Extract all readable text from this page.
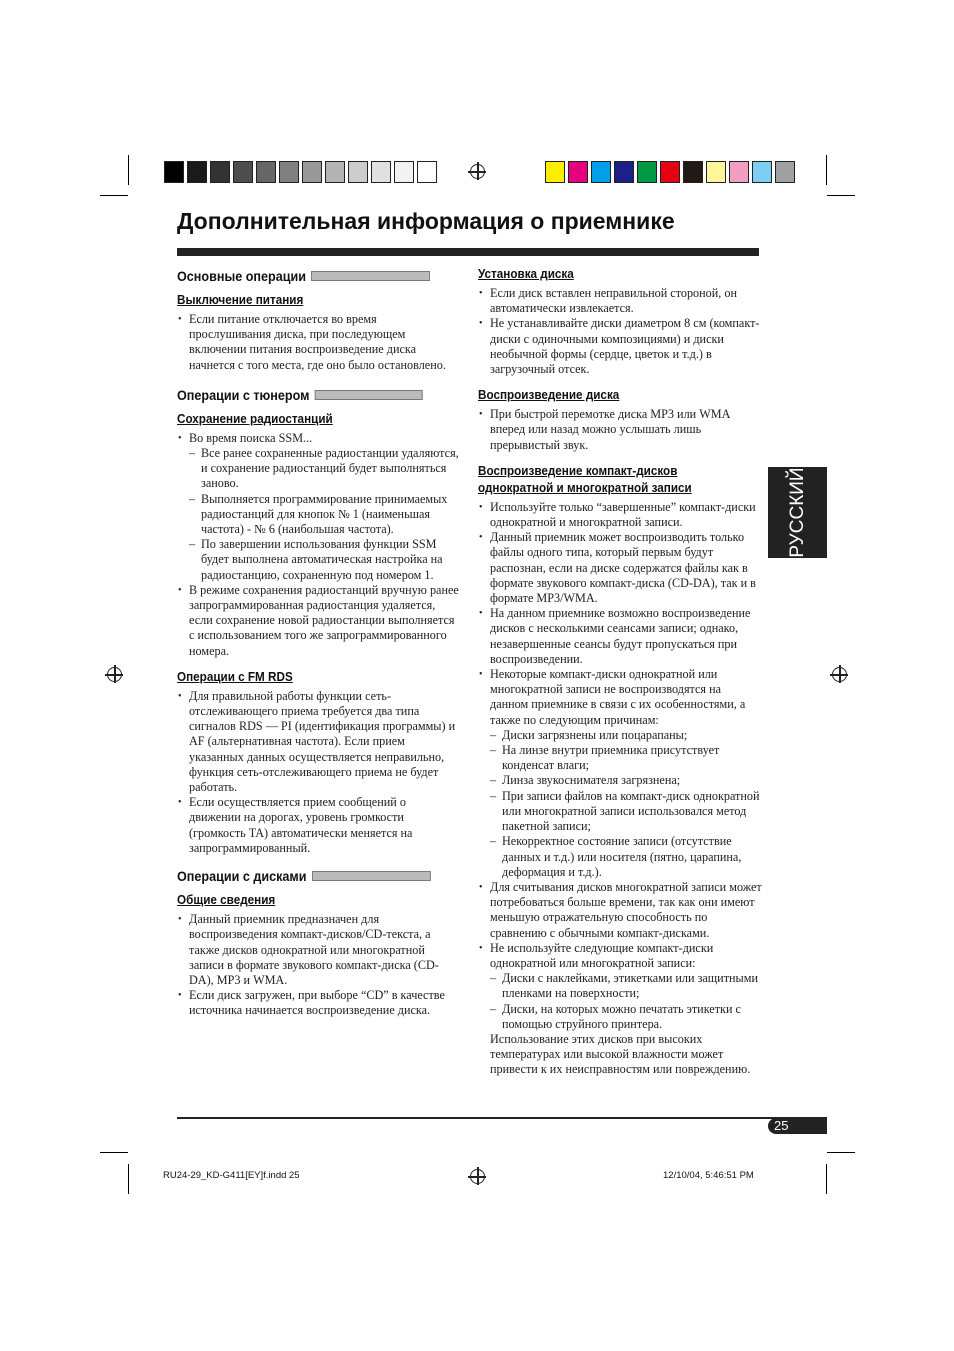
Дополнительная информация о приемнике
Основные операции
Выключение питания

• Если питание отключается во время прослушивания диска, при последующем включении питания воспроизведение диска начнется с того места, где оно было остановлено.

Операции с тюнером
Сохранение радиостанций

• Во время поиска SSM...

– Все ранее сохраненные радиостанции удаляются, и сохранение радиостанций будет выполняться заново.

– Выполняется программирование принимаемых радиостанций для кнопок № 1 (наименьшая частота) - № 6 (наибольшая частота).

– По завершении использования функции SSM будет выполнена автоматическая настройка на радиостанцию, сохраненную под номером 1.

• В режиме сохранения радиостанций вручную ранее запрограммированная радиостанция удаляется, если сохранение новой радиостанции выполняется с использованием того же запрограммированного номера.

Операции с FM RDS

• Для правильной работы функции сеть-отслеживающего приема требуется два типа сигналов RDS — PI (идентификация программы) и AF (альтернативная частота). Если прием указанных данных осуществляется неправильно, функция сеть-отслеживающего приема не будет работать.

• Если осуществляется прием сообщений о движении на дорогах, уровень громкости (громкость TA) автоматически меняется на запрограммированный.

Операции с дисками
Общие сведения

• Данный приемник предназначен для воспроизведения компакт-дисков/CD-текста, а также дисков однократной или многократной записи в формате звукового компакт-диска (CD-DA), MP3 и WMA.

• Если диск загружен, при выборе “CD” в качестве источника начинается воспроизведение диска.

Установка диска

• Если диск вставлен неправильной стороной, он автоматически извлекается.

• Не устанавливайте диски диаметром 8 см (компакт-диски с одиночными композициями) и диски необычной формы (сердце, цветок и т.д.) в загрузочный отсек.

Воспроизведение диска

• При быстрой перемотке диска MP3 или WMA вперед или назад можно услышать лишь прерывистый звук.

Воспроизведение компакт-дисков
однократной и многократной записи

• Используйте только “завершенные” компакт-диски однократной и многократной записи.

• Данный приемник может воспроизводить только файлы одного типа, который первым будут распознан, если на диске содержатся файлы как в формате звукового компакт-диска (CD-DA), так и в формате MP3/WMA.

• На данном приемнике возможно воспроизведение дисков с несколькими сеансами записи; однако, незавершенные сеансы будут пропускаться при воспроизведении.

• Некоторые компакт-диски однократной или многократной записи не воспроизводятся на данном приемнике в связи с их особенностями, а также по следующим причинам:

– Диски загрязнены или поцарапаны;

– На линзе внутри приемника присутствует конденсат влаги;

– Линза звукоснимателя загрязнена;

– При записи файлов на компакт-диск однократной или многократной записи использовался метод пакетной записи;

– Некорректное состояние записи (отсутствие данных и т.д.) или носителя (пятно, царапина, деформация и т.д.).

• Для считывания дисков многократной записи может потребоваться больше времени, так как они имеют меньшую отражательную способность по сравнению с обычными компакт-дисками.

• Не используйте следующие компакт-диски однократной или многократной записи:

– Диски с наклейками, этикетками или защитными пленками на поверхности;

– Диски, на которых можно печатать этикетки с помощью струйного принтера.

Использование этих дисков при высоких температурах или высокой влажности может привести к их неисправностям или повреждению.

РУССКИЙ
25
RU24-29_KD-G411[EY]f.indd 25	12/10/04, 5:46:51 PM
